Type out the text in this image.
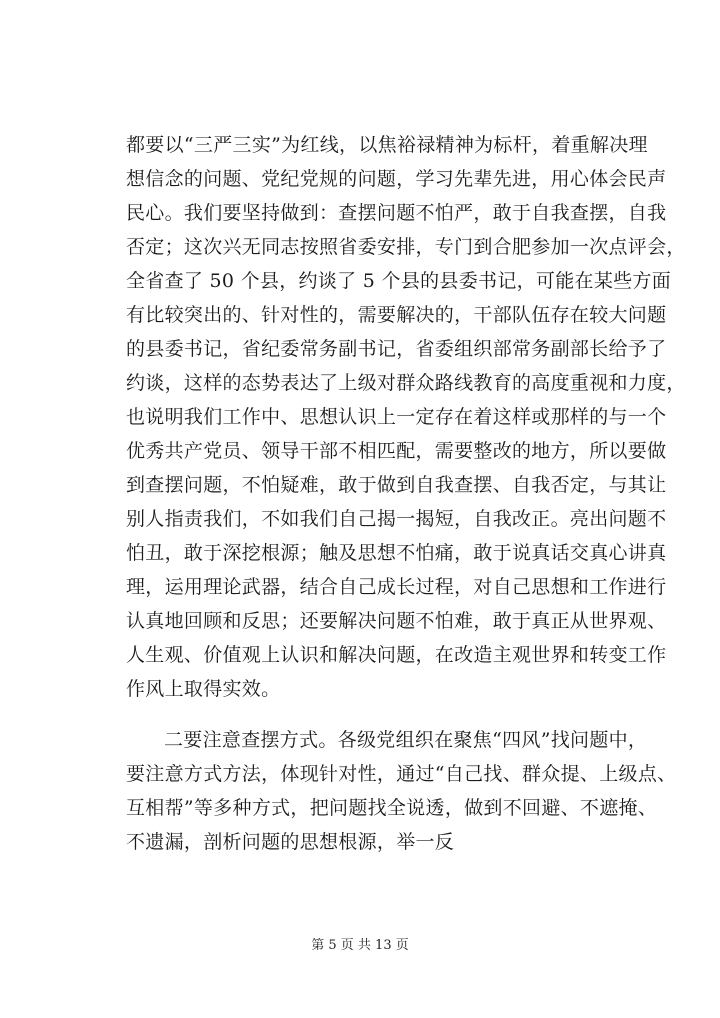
都要以“三严三实”为红线，以焦裕禄精神为标杆，着重解决理
想信念的问题、党纪党规的问题，学习先辈先进，用心体会民声
民心。我们要坚持做到：查摆问题不怕严，敢于自我查摆，自我
否定；这次兴无同志按照省委安排，专门到合肥参加一次点评会，
全省查了 50 个县，约谈了 5 个县的县委书记，可能在某些方面
有比较突出的、针对性的，需要解决的，干部队伍存在较大问题
的县委书记，省纪委常务副书记，省委组织部常务副部长给予了
约谈，这样的态势表达了上级对群众路线教育的高度重视和力度，
也说明我们工作中、思想认识上一定存在着这样或那样的与一个
优秀共产党员、领导干部不相匹配，需要整改的地方，所以要做
到查摆问题，不怕疑难，敢于做到自我查摆、自我否定，与其让
别人指责我们，不如我们自己揭一揭短，自我改正。亮出问题不
怕丑，敢于深挖根源；触及思想不怕痛，敢于说真话交真心讲真
理，运用理论武器，结合自己成长过程，对自己思想和工作进行
认真地回顾和反思；还要解决问题不怕难，敢于真正从世界观、
人生观、价值观上认识和解决问题，在改造主观世界和转变工作
作风上取得实效。
二要注意查摆方式。各级党组织在聚焦“四风”找问题中，
要注意方式方法，体现针对性，通过“自己找、群众提、上级点、
互相帮”等多种方式，把问题找全说透，做到不回避、不遮掩、
不遗漏，剖析问题的思想根源，举一反
第 5 页 共 13 页
